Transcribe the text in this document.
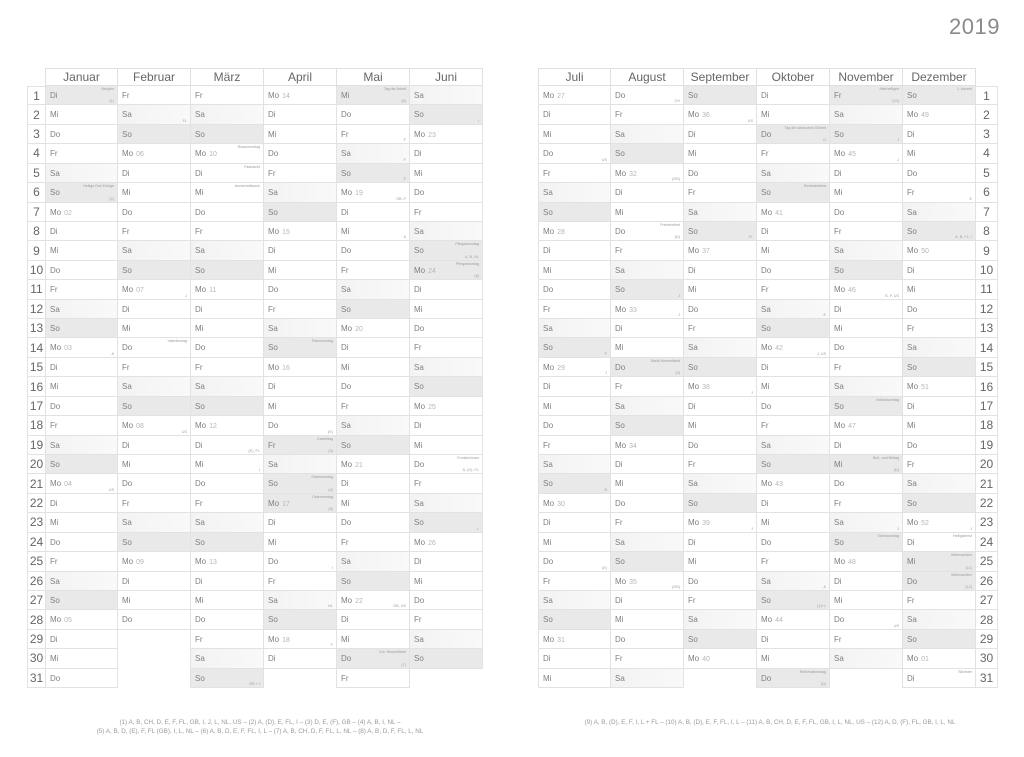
2019
1
2
3
4
5
6
7
8
9
10
11
12
13
14
15
16
17
18
19
20
21
22
23
24
25
26
27
28
29
30
31
Januar
Di
Neujahr
(1)
Mi
Do
Fr
Sa
So
Heilige Drei Könige
(2)
Mo 02
Di
Mi
Do
Fr
Sa
So
Mo 03
A
Di
Mi
Do
Fr
Sa
So
Mo 04
US
Di
Mi
Do
Fr
Sa
So
Mo 05
Di
Mi
Do
Februar
Fr
Sa
FL
So
Mo 06
Di
Mi
Do
Fr
Sa
So
Mo 07
J
Di
Mi
Do
Valentinstag
Fr
Sa
So
Mo 08
US
Di
Mi
Do
Fr
Sa
So
Mo 09
Di
Mi
Do
März
Fr
Sa
So
Mo 10
Rosenmontag
Di
Fastnacht
Mi
Aschermittwoch
Do
Fr
Sa
So
Mo 11
Di
Mi
Do
Fr
Sa
So
Mo 12
Di
(E), FL
Mi
I
Do
Fr
Sa
So
Mo 13
Di
Mi
Do
Fr
Sa
So
GB + I
April
Mo 14
Di
Mi
Do
Fr
Sa
So
Mo 15
Di
Mi
Do
Fr
Sa
So
Palmsonntag
Mo 16
Di
Mi
Do
(E)
Fr
Karfreitag
(3)
Sa
So
Ostersonntag
(4)
Mo 17
Ostermontag
(5)
Di
Mi
Do
I
Fr
Sa
NL
So
Mo 18
F
Di
Mai
Mi
Tag der Arbeit
(6)
Do
Fr
F
Sa
F
So
F
Mo 19
GB, F
Di
Mi
A
Do
Fr
Sa
So
Mo 20
Di
Mi
Do
Fr
Sa
So
Mo 21
Di
Mi
Do
Fr
Sa
So
Mo 22
GB, US
Di
Mi
Do
Chr. Himmelfahrt
(7)
Fr
Juni
Sa
So
I
Mo 23
Di
Mi
Do
Fr
Sa
So
Pfingstsonntag
A, B, NL
Mo 24
Pfingstmontag
(8)
Di
Mi
Do
Fr
Sa
So
Mo 25
Di
Mi
Do
Fronleichnam
A, (D), FL
Fr
Sa
So
L
Mo 26
Di
Mi
Do
Fr
Sa
So
Juli
Mo 27
Di
Mi
Do
US
Fr
Sa
So
Mo 28
Di
Mi
Do
Fr
Sa
So
F
Mo 29
J
Di
Mi
Do
Fr
Sa
So
B
Mo 30
Di
Mi
Do
(E)
Fr
Sa
So
Mo 31
Di
Mi
August
Do
CH
Fr
Sa
So
Mo 32
(GB)
Di
Mi
Do
Friedensfest
(D)
Fr
Sa
So
J
Mo 33
J
Di
Mi
Do
Mariä Himmelfahrt
(9)
Fr
Sa
So
Mo 34
Di
Mi
Do
Fr
Sa
So
Mo 35
(GB)
Di
Mi
Do
Fr
Sa
September
So
Mo 36
US
Di
Mi
Do
Fr
Sa
So
FL
Mo 37
Di
Mi
Do
Fr
Sa
So
Mo 38
J
Di
Mi
Do
Fr
Sa
So
Mo 39
J
Di
Mi
Do
Fr
Sa
So
Mo 40
Oktober
Di
Mi
Do
Tag der deutschen Einheit
D
Fr
Sa
So
Erntedankfest
Mo 41
Di
Mi
Do
Fr
Sa
E
So
Mo 42
J, US
Di
Mi
Do
Fr
Sa
So
Mo 43
Di
Mi
Do
Fr
Sa
A
So
(1)+1
Mo 44
Di
Mi
Do
Reformationstag
(D)
November
Fr
Allerheiligen
(10)
Sa
So
J
Mo 45
J
Di
Mi
Do
Fr
Sa
So
Mo 46
B, F, US
Di
Mi
Do
Fr
Sa
So
Volkstrauertag
Mo 47
Di
Mi
Buß- und Bettag
(D)
Do
Fr
Sa
J
So
Totensonntag
Mo 48
Di
Mi
Do
US
Fr
Sa
Dezember
So
1. Advent
Mo 49
Di
Mi
Do
Fr
E
Sa
So
A, B, FL, I
Mo 50
Di
Mi
Do
Fr
Sa
So
Mo 51
Di
Mi
Do
Fr
Sa
So
Mo 52
J
Di
Heiligabend
Mi
Weihnachten
(11)
Do
Weihnachten
(12)
Fr
Sa
So
Mo 01
Di
Silvester
1
2
3
4
5
6
7
8
9
10
11
12
13
14
15
16
17
18
19
20
21
22
23
24
25
26
27
28
29
30
31
(1) A, B, CH, D, E, F, FL, GB, I, J, L, NL, US – (2) A, (D), E, FL, I – (3) D, E, (F), GB – (4) A, B, I, NL –
(5) A, B, D, (E), F, FL (GB), I, L, NL – (6) A, B, D, E, F, FL, I, L – (7) A, B, CH, D, F, FL, L, NL – (8) A, B, D, F, FL, L, NL
(9) A, B, (D), E, F, I, L + FL – (10) A, B, (D), E, F, FL, I, L – (11) A, B, CH, D, E, F, FL, GB, I, L, NL, US – (12) A, D, (F), FL, GB, I, L, NL
